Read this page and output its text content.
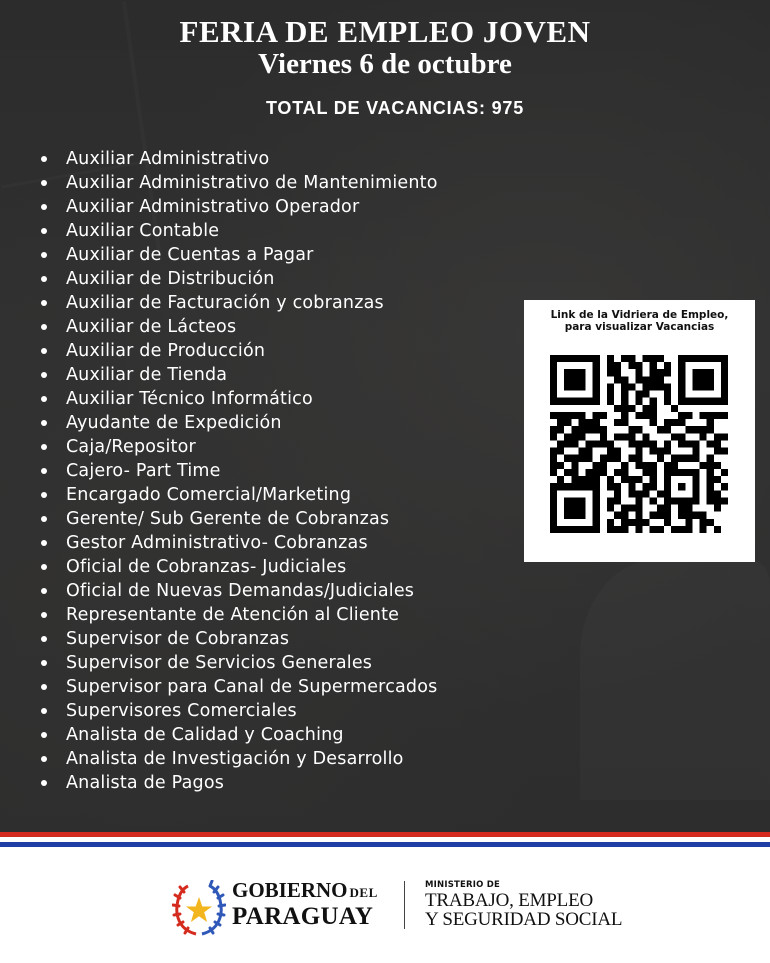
FERIA DE EMPLEO JOVEN
Viernes 6 de octubre
TOTAL DE VACANCIAS: 975
Auxiliar Administrativo
Auxiliar Administrativo de Mantenimiento
Auxiliar Administrativo Operador
Auxiliar Contable
Auxiliar de Cuentas a Pagar
Auxiliar de Distribución
Auxiliar de Facturación y cobranzas
Auxiliar de Lácteos
Auxiliar de Producción
Auxiliar de Tienda
Auxiliar Técnico Informático
Ayudante de Expedición
Caja/Repositor
Cajero- Part Time
Encargado Comercial/Marketing
Gerente/ Sub Gerente de Cobranzas
Gestor Administrativo- Cobranzas
Oficial de Cobranzas- Judiciales
Oficial de Nuevas Demandas/Judiciales
Representante de Atención al Cliente
Supervisor de Cobranzas
Supervisor de Servicios Generales
Supervisor para Canal de Supermercados
Supervisores Comerciales
Analista de Calidad y Coaching
Analista de Investigación y Desarrollo
Analista de Pagos
Link de la Vidriera de Empleo,
para visualizar Vacancias
GOBIERNO DEL
PARAGUAY
MINISTERIO DE
TRABAJO, EMPLEO
Y SEGURIDAD SOCIAL
